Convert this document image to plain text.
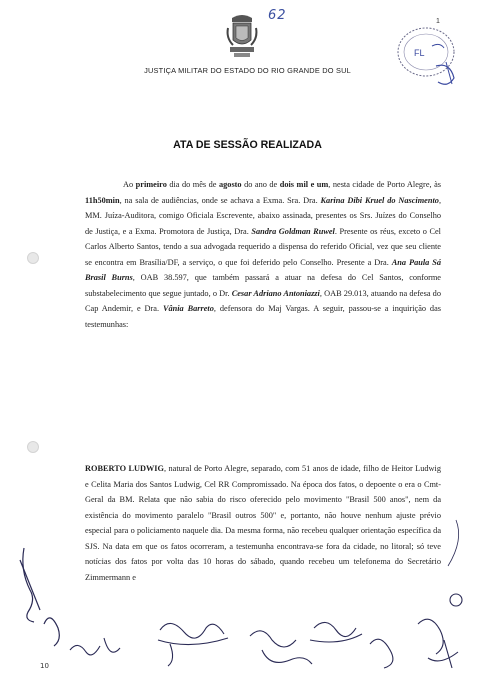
62	1
JUSTIÇA MILITAR DO ESTADO DO RIO GRANDE DO SUL
FL
ATA DE SESSÃO REALIZADA

Ao primeiro dia do mês de agosto do ano de dois mil e um, nesta cidade de Porto Alegre, às 11h50min, na sala de audiências, onde se achava a Exma. Sra. Dra. Karina Dibi Kruel do Nascimento, MM. Juíza-Auditora, comigo Oficiala Escrevente, abaixo assinada, presentes os Srs. Juízes do Conselho de Justiça, e a Exma. Promotora de Justiça, Dra. Sandra Goldman Ruwel. Presente os réus, exceto o Cel Carlos Alberto Santos, tendo a sua advogada requerido a dispensa do referido Oficial, vez que seu cliente se encontra em Brasília/DF, a serviço, o que foi deferido pelo Conselho. Presente a Dra. Ana Paula Sá Brasil Burns, OAB 38.597, que também passará a atuar na defesa do Cel Santos, conforme substabelecimento que segue juntado, o Dr. Cesar Adriano Antoniazzi, OAB 29.013, atuando na defesa do Cap Andemir, e Dra. Vânia Barreto, defensora do Maj Vargas. A seguir, passou-se a inquirição das testemunhas:

ROBERTO LUDWIG, natural de Porto Alegre, separado, com 51 anos de idade, filho de Heitor Ludwig e Celita Maria dos Santos Ludwig, Cel RR Compromissado. Na época dos fatos, o depoente o era o Cmt-Geral da BM. Relata que não sabia do risco oferecido pelo movimento "Brasil 500 anos", nem da existência do movimento paralelo "Brasil outros 500" e, portanto, não houve nenhum ajuste prévio especial para o policiamento naquele dia. Da mesma forma, não recebeu qualquer orientação específica da SJS. Na data em que os fatos ocorreram, a testemunha encontrava-se fora da cidade, no litoral; só teve notícias dos fatos por volta das 10 horas do sábado, quando recebeu um telefonema do Secretário Zimmermann e

10
